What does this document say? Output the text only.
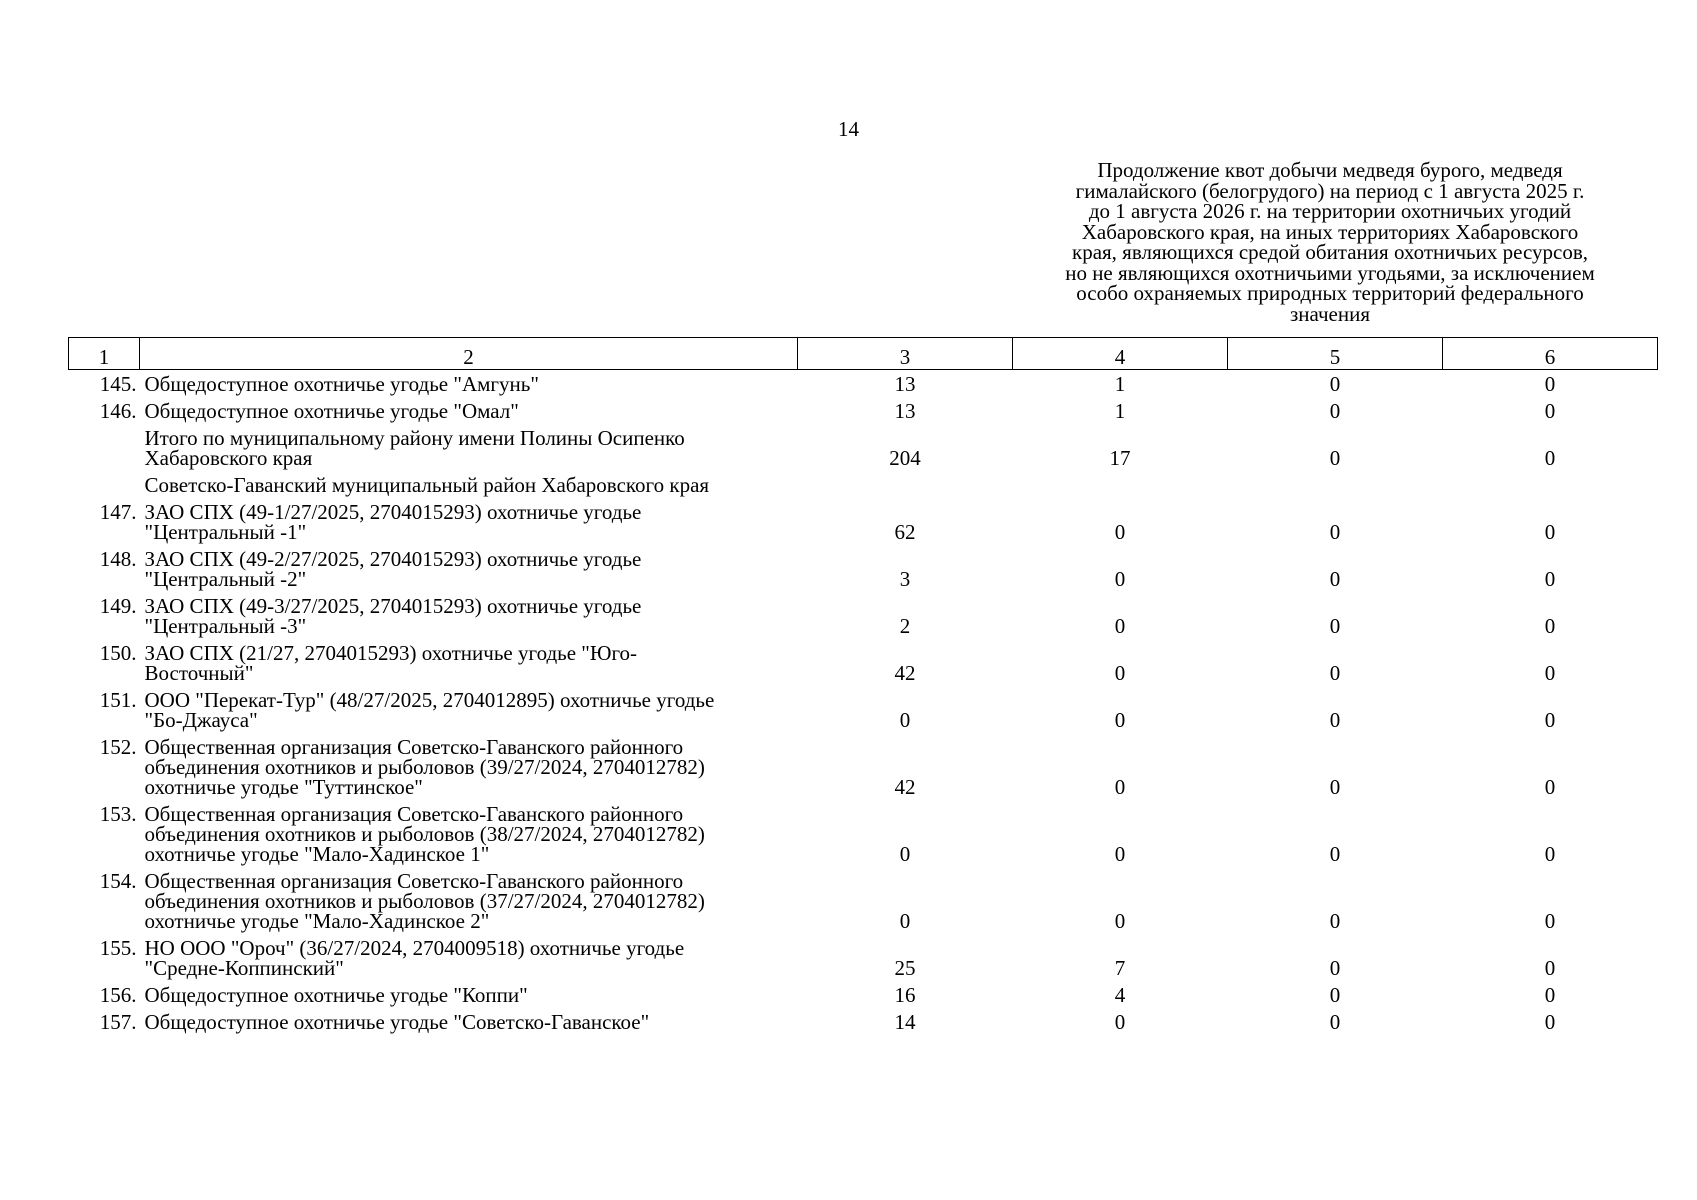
14
Продолжение квот добычи медведя бурого, медведя
гималайского (белогрудого) на период с 1 августа 2025 г.
до 1 августа 2026 г. на территории охотничьих угодий
Хабаровского края, на иных территориях Хабаровского
края, являющихся средой обитания охотничьих ресурсов,
но не являющихся охотничьими угодьями, за исключением
особо охраняемых природных территорий федерального
значения
1	2	3	4	5	6
145.	Общедоступное охотничье угодье "Амгунь"	13	1	0	0
146.	Общедоступное охотничье угодье "Омал"	13	1	0	0

	Итого по муниципальному району имени Полины Осипенко
Хабаровского края	204	17	0	0

	Советско-Гаванский муниципальный район Хабаровского края				

147.	ЗАО СПХ (49-1/27/2025, 2704015293) охотничье угодье
"Центральный -1"	62	0	0	0
148.	ЗАО СПХ (49-2/27/2025, 2704015293) охотничье угодье
"Центральный -2"	3	0	0	0
149.	ЗАО СПХ (49-3/27/2025, 2704015293) охотничье угодье
"Центральный -3"	2	0	0	0
150.	ЗАО СПХ (21/27, 2704015293) охотничье угодье "Юго-
Восточный"	42	0	0	0
151.	ООО "Перекат-Тур" (48/27/2025, 2704012895) охотничье угодье
"Бо-Джауса"	0	0	0	0
152.	Общественная организация Советско-Гаванского районного
объединения охотников и рыболовов (39/27/2024, 2704012782)
охотничье угодье "Туттинское"	42	0	0	0
153.	Общественная организация Советско-Гаванского районного
объединения охотников и рыболовов (38/27/2024, 2704012782)
охотничье угодье "Мало-Хадинское 1"	0	0	0	0
154.	Общественная организация Советско-Гаванского районного
объединения охотников и рыболовов (37/27/2024, 2704012782)
охотничье угодье "Мало-Хадинское 2"	0	0	0	0
155.	НО ООО "Ороч" (36/27/2024, 2704009518) охотничье угодье
"Средне-Коппинский"	25	7	0	0
156.	Общедоступное охотничье угодье "Коппи"	16	4	0	0
157.	Общедоступное охотничье угодье "Советско-Гаванское"	14	0	0	0
